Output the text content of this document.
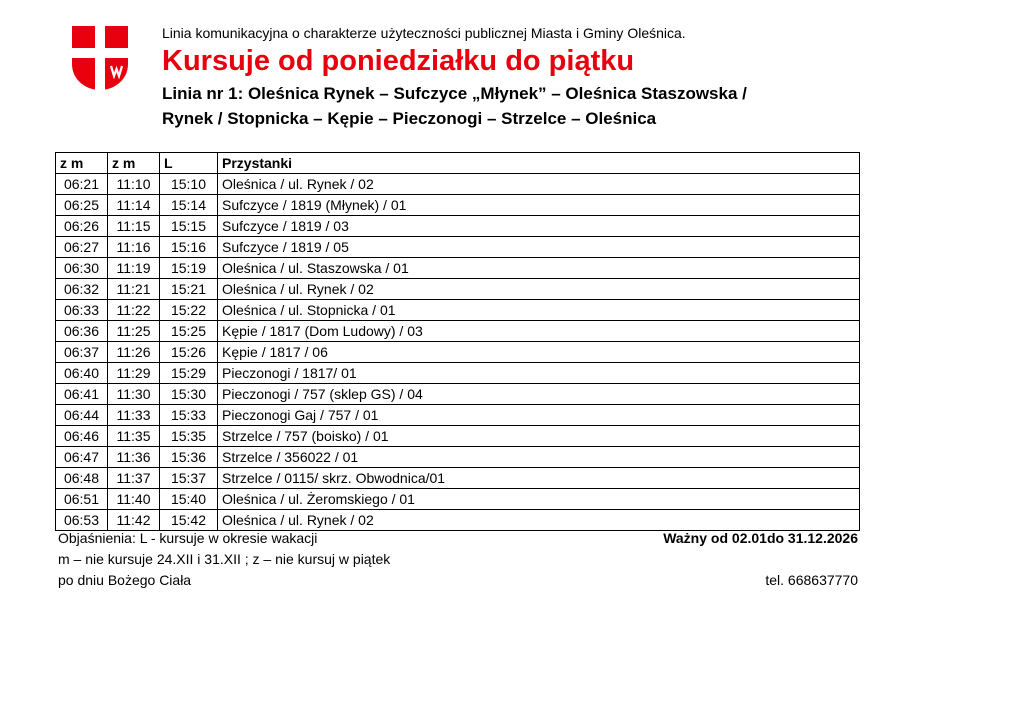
Linia komunikacyjna o charakterze użyteczności publicznej Miasta i Gminy Oleśnica.
Kursuje od poniedziałku do piątku
Linia nr 1: Oleśnica Rynek – Sufczyce „Młynek” – Oleśnica Staszowska /
Rynek / Stopnicka – Kępie – Pieczonogi – Strzelce – Oleśnica
z m	z m	L	Przystanki
06:21	11:10	15:10	Oleśnica / ul. Rynek / 02
06:25	11:14	15:14	Sufczyce / 1819 (Młynek) / 01
06:26	11:15	15:15	Sufczyce / 1819 / 03
06:27	11:16	15:16	Sufczyce / 1819 / 05
06:30	11:19	15:19	Oleśnica / ul. Staszowska / 01
06:32	11:21	15:21	Oleśnica / ul. Rynek / 02
06:33	11:22	15:22	Oleśnica / ul. Stopnicka / 01
06:36	11:25	15:25	Kępie / 1817 (Dom Ludowy) / 03
06:37	11:26	15:26	Kępie / 1817 / 06
06:40	11:29	15:29	Pieczonogi / 1817/ 01
06:41	11:30	15:30	Pieczonogi / 757 (sklep GS) / 04
06:44	11:33	15:33	Pieczonogi Gaj / 757 / 01
06:46	11:35	15:35	Strzelce / 757 (boisko) / 01
06:47	11:36	15:36	Strzelce / 356022 / 01
06:48	11:37	15:37	Strzelce / 0115/ skrz. Obwodnica/01
06:51	11:40	15:40	Oleśnica / ul. Żeromskiego / 01
06:53	11:42	15:42	Oleśnica / ul. Rynek / 02
Objaśnienia: L - kursuje w okresie wakacji
m – nie kursuje 24.XII i 31.XII ; z – nie kursuj w piątek
po dniu Bożego Ciała
Ważny od 02.01do 31.12.2026
tel. 668637770
